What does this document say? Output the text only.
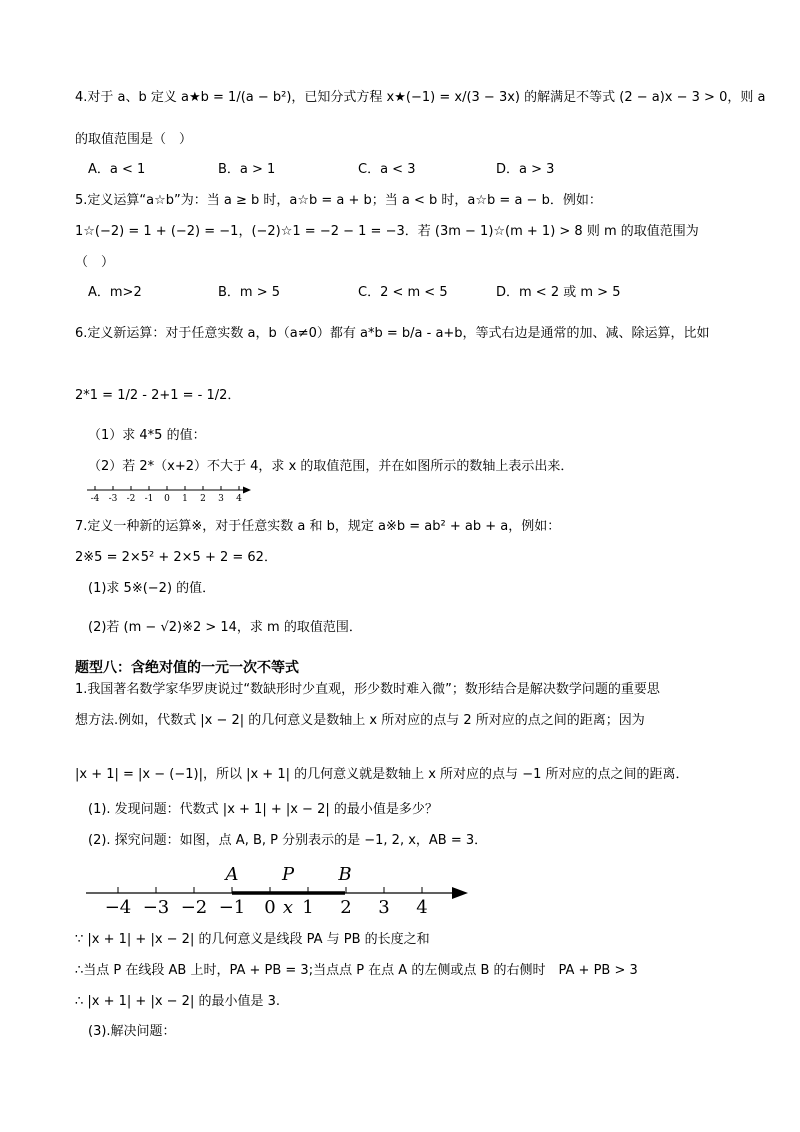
4.对于 a、b 定义 a★b = 1/(a − b²)，已知分式方程 x★(−1) = x/(3 − 3x) 的解满足不等式 (2 − a)x − 3 > 0，则 a
的取值范围是（　）
A．a < 1	B．a > 1	C．a < 3	D．a > 3
5.定义运算“a☆b”为：当 a ≥ b 时，a☆b = a + b；当 a < b 时，a☆b = a − b．例如：
1☆(−2) = 1 + (−2) = −1，(−2)☆1 = −2 − 1 = −3．若 (3m − 1)☆(m + 1) > 8 则 m 的取值范围为
（　）
A．m>2	B．m > 5	C．2 < m < 5	D．m < 2 或 m > 5
6.定义新运算：对于任意实数 a，b（a≠0）都有 a*b = b/a - a+b，等式右边是通常的加、减、除运算，比如
2*1 = 1/2 - 2+1 = - 1/2．
（1）求 4*5 的值：
（2）若 2*（x+2）不大于 4，求 x 的取值范围，并在如图所示的数轴上表示出来．
-4 -3 -2 -1 0 1 2 3 4
7.定义一种新的运算※，对于任意实数 a 和 b，规定 a※b = ab² + ab + a，例如：
2※5 = 2×5² + 2×5 + 2 = 62．
(1)求 5※(−2) 的值．
(2)若 (m − √2)※2 > 14，求 m 的取值范围．
题型八：含绝对值的一元一次不等式
1.我国著名数学家华罗庚说过“数缺形时少直观，形少数时难入微”；数形结合是解决数学问题的重要思
想方法.例如，代数式 |x − 2| 的几何意义是数轴上 x 所对应的点与 2 所对应的点之间的距离；因为
|x + 1| = |x − (−1)|，所以 |x + 1| 的几何意义就是数轴上 x 所对应的点与 −1 所对应的点之间的距离．
(1). 发现问题：代数式 |x + 1| + |x − 2| 的最小值是多少？
(2). 探究问题：如图，点 A, B, P 分别表示的是 −1, 2, x，AB = 3．
−4 −3 −2 −1 0 1 2 3 4
A P B
x
∵ |x + 1| + |x − 2| 的几何意义是线段 PA 与 PB 的长度之和
∴当点 P 在线段 AB 上时，PA + PB = 3;当点点 P 在点 A 的左侧或点 B 的右侧时　PA + PB > 3
∴ |x + 1| + |x − 2| 的最小值是 3.
(3).解决问题：
